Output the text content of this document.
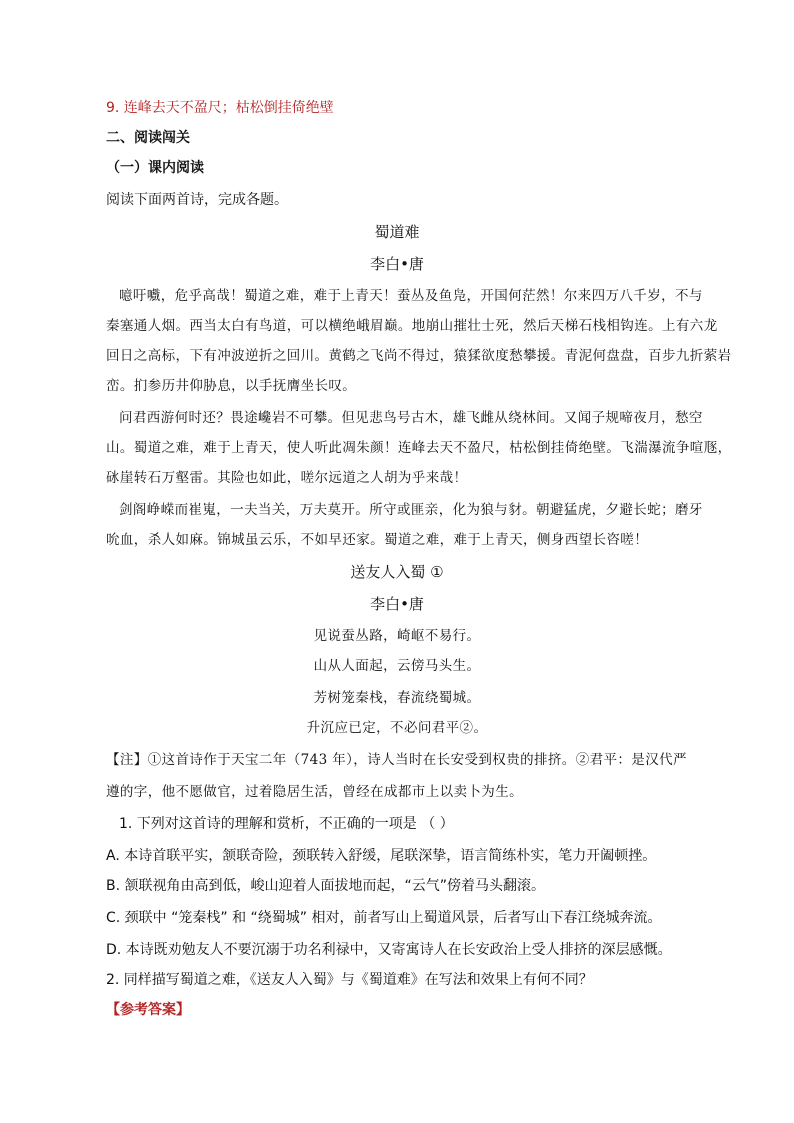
9. 连峰去天不盈尺；枯松倒挂倚绝壁
二、阅读闯关
（一）课内阅读
阅读下面两首诗，完成各题。
蜀道难
李白•唐
噫吁嚱，危乎高哉！蜀道之难，难于上青天！蚕丛及鱼凫，开国何茫然！尔来四万八千岁，不与
秦塞通人烟。西当太白有鸟道，可以横绝峨眉巅。地崩山摧壮士死，然后天梯石栈相钩连。上有六龙
回日之高标，下有冲波逆折之回川。黄鹤之飞尚不得过，猿猱欲度愁攀援。青泥何盘盘，百步九折萦岩
峦。扪参历井仰胁息，以手抚膺坐长叹。
问君西游何时还？畏途巉岩不可攀。但见悲鸟号古木，雄飞雌从绕林间。又闻子规啼夜月，愁空
山。蜀道之难，难于上青天，使人听此凋朱颜！连峰去天不盈尺，枯松倒挂倚绝壁。飞湍瀑流争喧豗，
砯崖转石万壑雷。其险也如此，嗟尔远道之人胡为乎来哉！
剑阁峥嵘而崔嵬，一夫当关，万夫莫开。所守或匪亲，化为狼与豺。朝避猛虎，夕避长蛇；磨牙
吮血，杀人如麻。锦城虽云乐，不如早还家。蜀道之难，难于上青天，侧身西望长咨嗟！
送友人入蜀 ①
李白•唐
见说蚕丛路，崎岖不易行。
山从人面起，云傍马头生。
芳树笼秦栈，春流绕蜀城。
升沉应已定，不必问君平②。
【注】①这首诗作于天宝二年（743 年），诗人当时在长安受到权贵的排挤。②君平：是汉代严
遵的字，他不愿做官，过着隐居生活，曾经在成都市上以卖卜为生。
1. 下列对这首诗的理解和赏析，不正确的一项是 （ ）
A. 本诗首联平实，颔联奇险，颈联转入舒缓，尾联深挚，语言简练朴实，笔力开阖顿挫。
B. 颔联视角由高到低，峻山迎着人面拔地而起，“云气”傍着马头翻滚。
C. 颈联中 “笼秦栈” 和 “绕蜀城” 相对，前者写山上蜀道风景，后者写山下春江绕城奔流。
D. 本诗既劝勉友人不要沉溺于功名利禄中，又寄寓诗人在长安政治上受人排挤的深层感慨。
2. 同样描写蜀道之难，《送友人入蜀》与《蜀道难》在写法和效果上有何不同？
【参考答案】
